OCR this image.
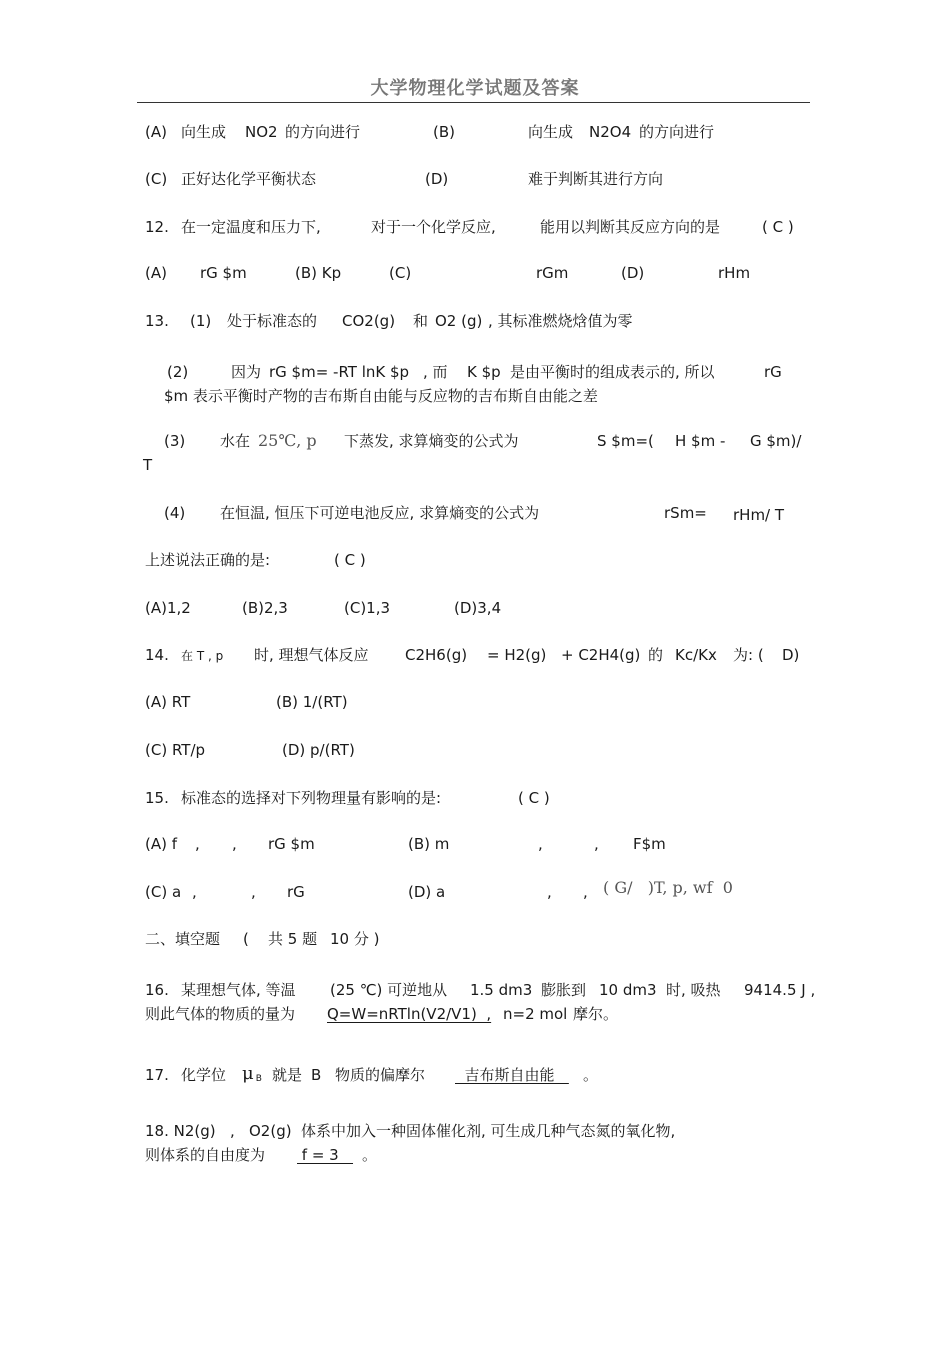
大学物理化学试题及答案
(A) 向生成 NO2 的方向进行	(B)	向生成 N2O4 的方向进行
(C) 正好达化学平衡状态	(D)	难于判断其进行方向
12. 在一定温度和压力下,	对于一个化学反应,	能用以判断其反应方向的是	( C )
(A) rG $m	(B) Kp	(C)	rGm	(D)	rHm
13. (1) 处于标准态的 CO2(g) 和 O2 (g) , 其标准燃烧焓值为零
(2)	因为 rG $m= -RT lnK $p , 而 K $p 是由平衡时的组成表示的, 所以	rG
$m 表示平衡时产物的吉布斯自由能与反应物的吉布斯自由能之差
(3) 水在 25℃, p 下蒸发, 求算熵变的公式为	S $m=( H $m - G $m)/
T
(4) 在恒温, 恒压下可逆电池反应, 求算熵变的公式为	rSm= rHm/ T
上述说法正确的是:	( C )
(A)1,2	(B)2,3	(C)1,3	(D)3,4
14. 在 T , p 时, 理想气体反应 C2H6(g) = H2(g) + C2H4(g) 的 Kc/Kx 为: ( D)
(A) RT	(B) 1/(RT)
(C) RT/p	(D) p/(RT)
15. 标准态的选择对下列物理量有影响的是:	( C )
(A) f , , rG $m	(B) m	,	, F$m
(C) a ,	, rG	(D) a	, , ( G/   )T, p, wf  0
二、填空题 ( 共 5 题 10 分 )
16. 某理想气体, 等温 (25 ℃) 可逆地从 1.5 dm3 膨胀到 10 dm3 时, 吸热 9414.5 J ,
则此气体的物质的量为 Q=W=nRTln(V2/V1)  , n=2 mol 摩尔。
17. 化学位 μ $_B$ 就是 B 物质的偏摩尔 吉布斯自由能 。
18. N2(g) , O2(g) 体系中加入一种固体催化剂, 可生成几种气态氮的氧化物,
则体系的自由度为 f = 3 。
